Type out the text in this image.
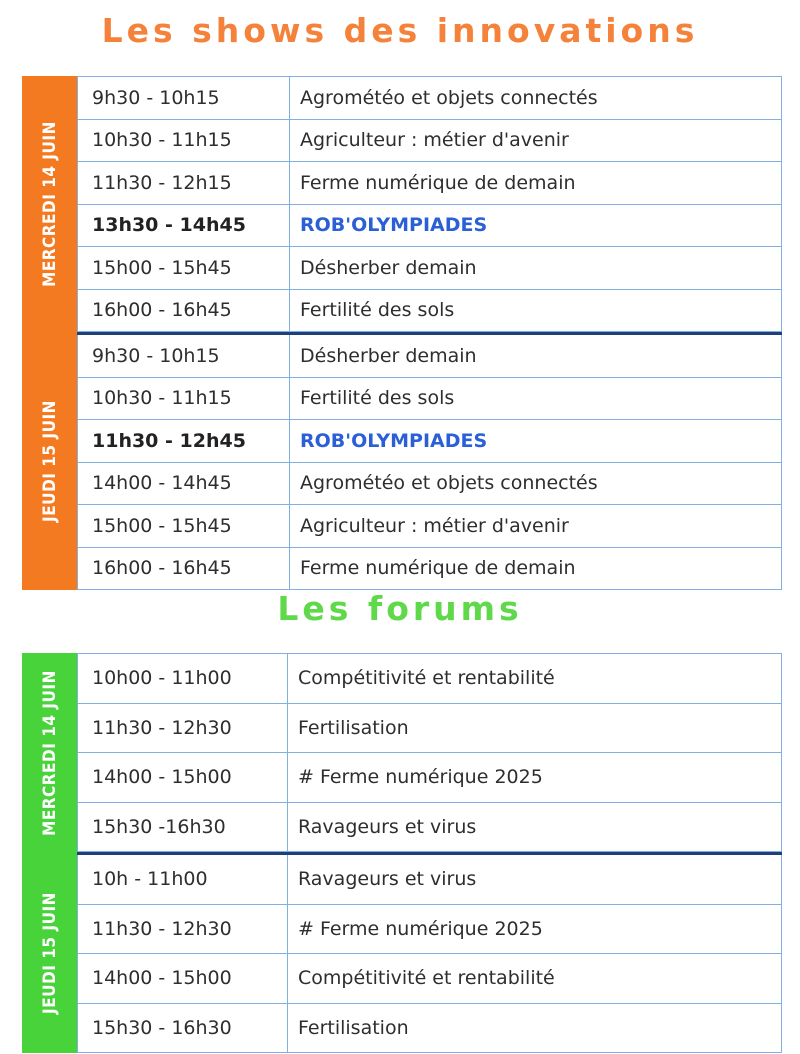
Les shows des innovations
MERCREDI 14 JUIN
9h30 - 10h15	Agrométéo et objets connectés
10h30 - 11h15	Agriculteur : métier d'avenir
11h30 - 12h15	Ferme numérique de demain
13h30 - 14h45	ROB'OLYMPIADES
15h00 - 15h45	Désherber demain
16h00 - 16h45	Fertilité des sols
JEUDI 15 JUIN
9h30 - 10h15	Désherber demain
10h30 - 11h15	Fertilité des sols
11h30 - 12h45	ROB'OLYMPIADES
14h00 - 14h45	Agrométéo et objets connectés
15h00 - 15h45	Agriculteur : métier d'avenir
16h00 - 16h45	Ferme numérique de demain
Les forums
MERCREDI 14 JUIN	10h00 - 11h00	Compétitivité et rentabilité
11h30 - 12h30	Fertilisation
14h00 - 15h00	# Ferme numérique 2025
15h30 -16h30	Ravageurs et virus
JEUDI 15 JUIN
10h - 11h00	Ravageurs et virus
11h30 - 12h30	# Ferme numérique 2025
14h00 - 15h00	Compétitivité et rentabilité
15h30 - 16h30	Fertilisation
